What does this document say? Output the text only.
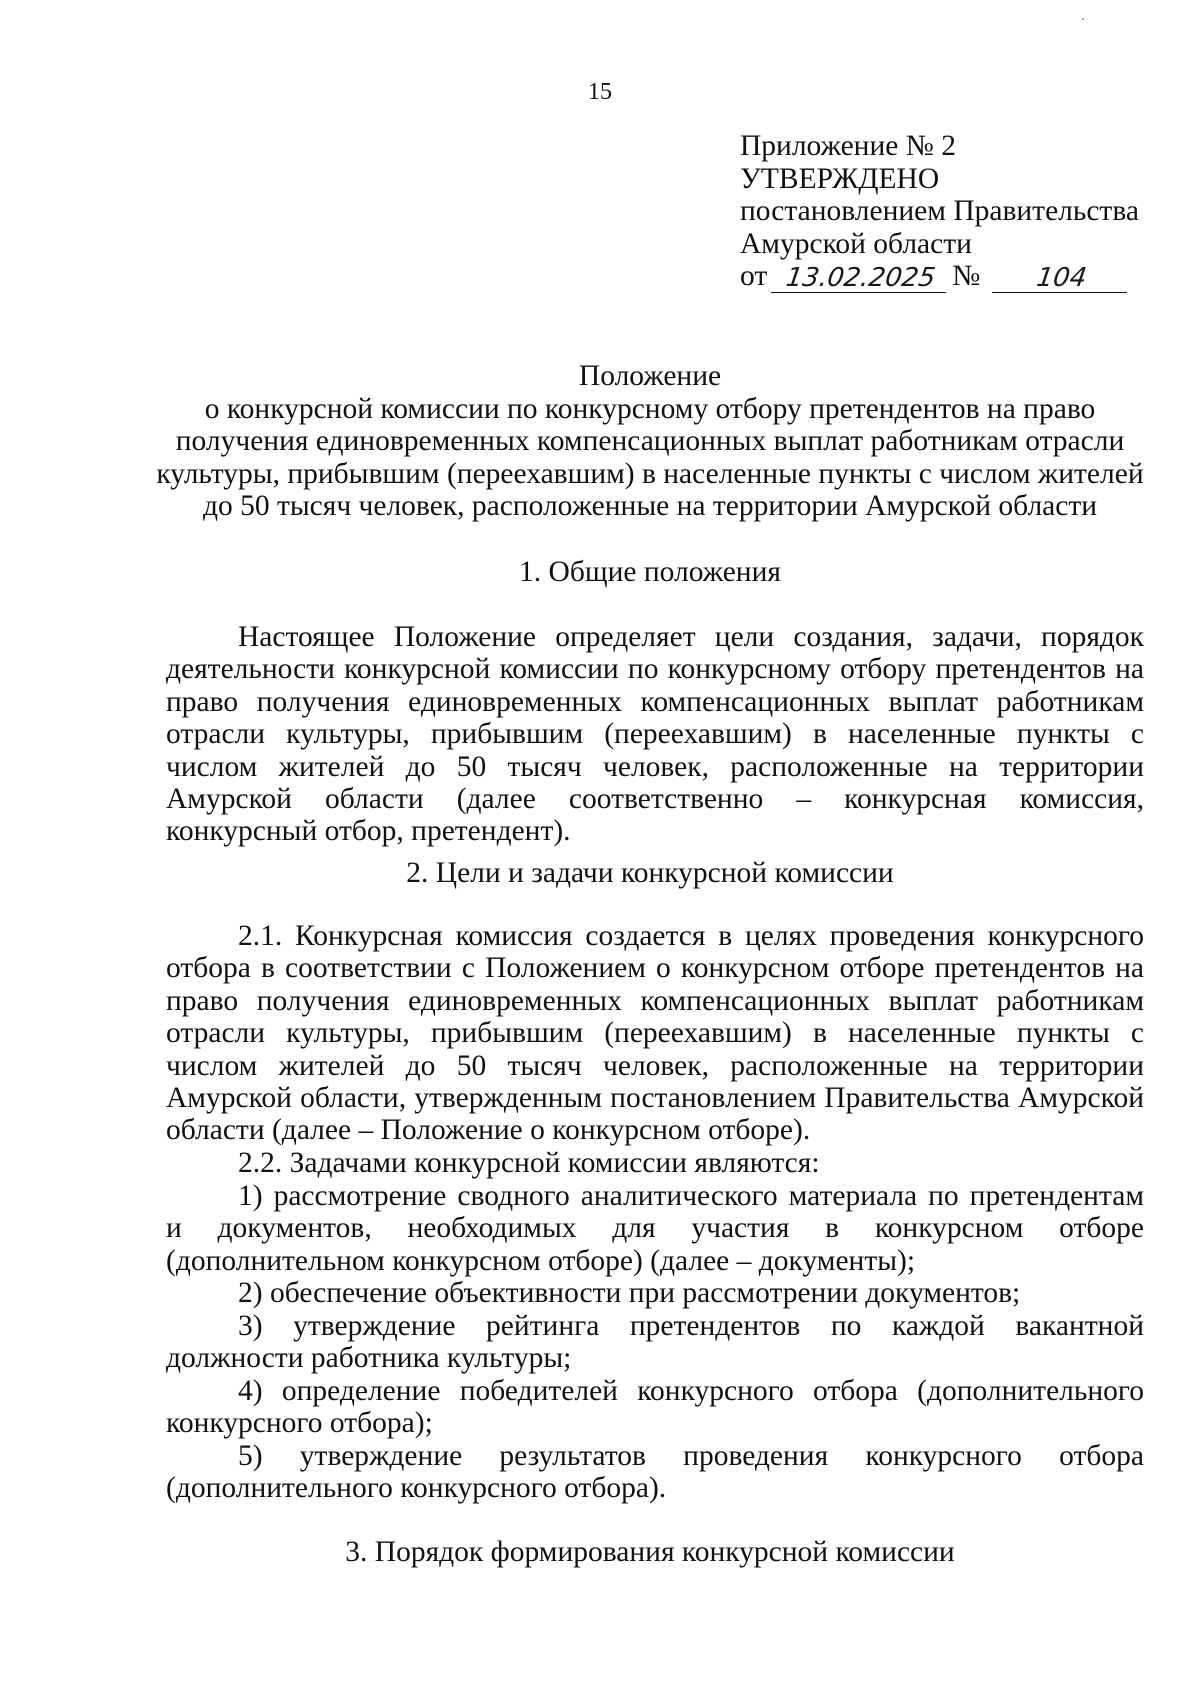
15
Приложение № 2
УТВЕРЖДЕНО
постановлением Правительства
Амурской области
от 13.02.2025 №	104
Положение
о конкурсной комиссии по конкурсному отбору претендентов на право
получения единовременных компенсационных выплат работникам отрасли
культуры, прибывшим (переехавшим) в населенные пункты с числом жителей
до 50 тысяч человек, расположенные на территории Амурской области
1. Общие положения
Настоящее Положение определяет цели создания, задачи, порядок деятельности конкурсной комиссии по конкурсному отбору претендентов на право получения единовременных компенсационных выплат работникам отрасли культуры, прибывшим (переехавшим) в населенные пункты с числом жителей до 50 тысяч человек, расположенные на территории Амурской области (далее соответственно – конкурсная комиссия, конкурсный отбор, претендент).
2. Цели и задачи конкурсной комиссии
2.1. Конкурсная комиссия создается в целях проведения конкурсного отбора в соответствии с Положением о конкурсном отборе претендентов на право получения единовременных компенсационных выплат работникам отрасли культуры, прибывшим (переехавшим) в населенные пункты с числом жителей до 50 тысяч человек, расположенные на территории Амурской области, утвержденным постановлением Правительства Амурской области (далее – Положение о конкурсном отборе).
2.2. Задачами конкурсной комиссии являются:
1) рассмотрение сводного аналитического материала по претендентам и документов, необходимых для участия в конкурсном отборе (дополнительном конкурсном отборе) (далее – документы);
2) обеспечение объективности при рассмотрении документов;
3) утверждение рейтинга претендентов по каждой вакантной должности работника культуры;
4) определение победителей конкурсного отбора (дополнительного конкурсного отбора);
5) утверждение результатов проведения конкурсного отбора (дополнительного конкурсного отбора).
3. Порядок формирования конкурсной комиссии
